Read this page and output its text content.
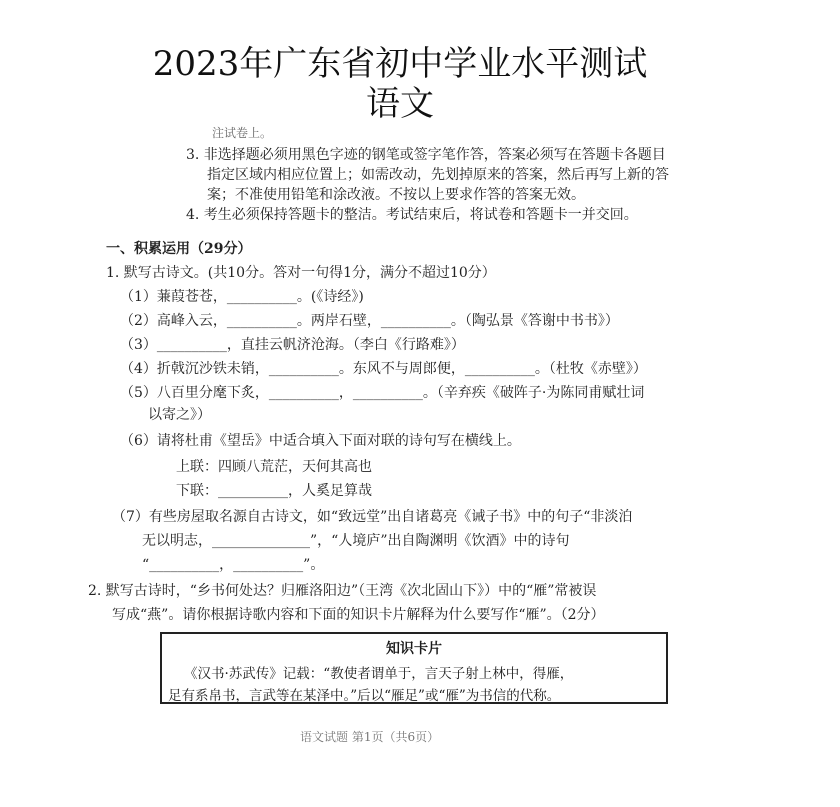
2023年广东省初中学业水平测试
语文
注试卷上。
3. 非选择题必须用黑色字迹的钢笔或签字笔作答，答案必须写在答题卡各题目
指定区域内相应位置上；如需改动，先划掉原来的答案，然后再写上新的答
案；不准使用铅笔和涂改液。不按以上要求作答的答案无效。
4. 考生必须保持答题卡的整洁。考试结束后，将试卷和答题卡一并交回。
一、积累运用（29分）
1. 默写古诗文。(共10分。答对一句得1分，满分不超过10分）
（1）蒹葭苍苍，__________。(《诗经》)
（2）高峰入云，__________。两岸石壁，__________。（陶弘景《答谢中书书》）
（3）__________，直挂云帆济沧海。（李白《行路难》）
（4）折戟沉沙铁未销，__________。东风不与周郎便，__________。（杜牧《赤壁》）
（5）八百里分麾下炙，__________，__________。（辛弃疾《破阵子·为陈同甫赋壮词
以寄之》）
（6）请将杜甫《望岳》中适合填入下面对联的诗句写在横线上。
上联：四顾八荒茫，天何其高也
下联：__________，人奚足算哉
（7）有些房屋取名源自古诗文，如“致远堂”出自诸葛亮《诫子书》中的句子“非淡泊
无以明志，______________”，“人境庐”出自陶渊明《饮酒》中的诗句
“__________，__________”。
2. 默写古诗时，“乡书何处达？归雁洛阳边”（王湾《次北固山下》）中的“雁”常被误
写成“燕”。请你根据诗歌内容和下面的知识卡片解释为什么要写作“雁”。（2分）
知识卡片
《汉书·苏武传》记载：“教使者谓单于，言天子射上林中，得雁，
足有系帛书，言武等在某泽中。”后以“雁足”或“雁”为书信的代称。
语文试题 第1页（共6页）
